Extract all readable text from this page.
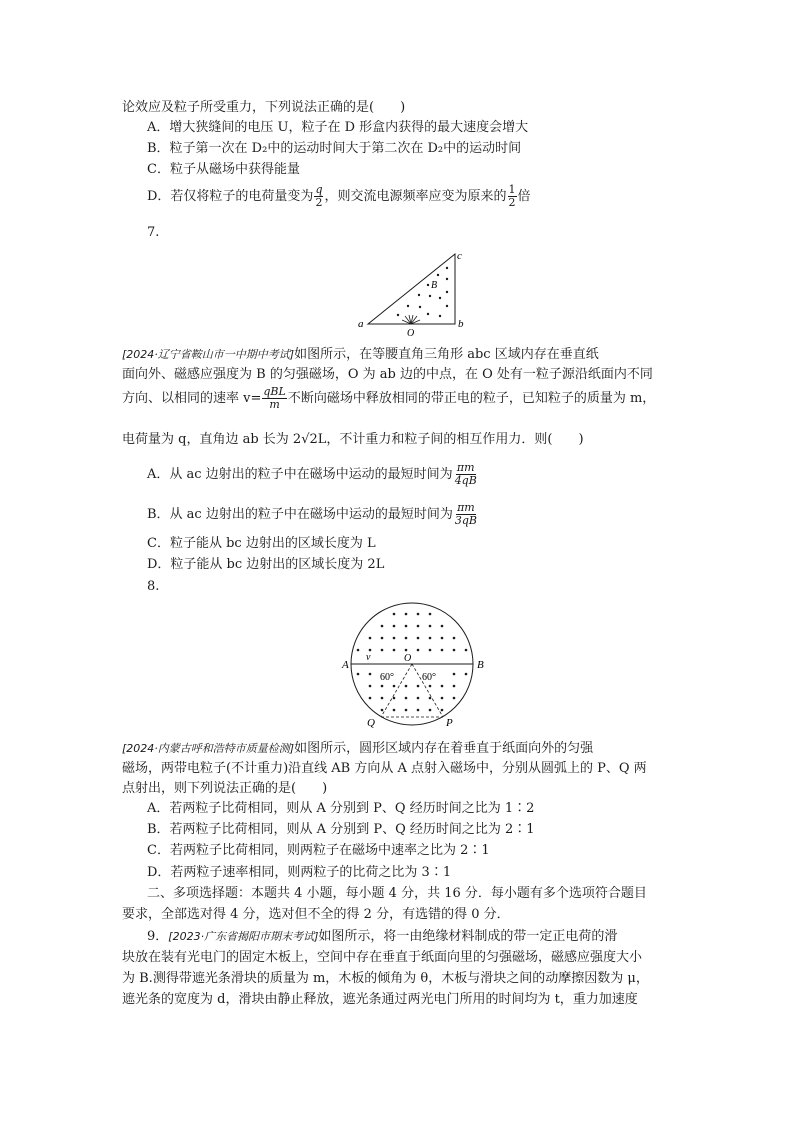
论效应及粒子所受重力，下列说法正确的是(　　)
A．增大狭缝间的电压 U，粒子在 D 形盒内获得的最大速度会增大
B．粒子第一次在 D₂中的运动时间大于第二次在 D₂中的运动时间
C．粒子从磁场中获得能量
D．若仅将粒子的电荷量变为 $\frac{q}{2}$ ，则交流电源频率应变为原来的 $\frac{1}{2}$ 倍
7.
a	b
c
B
O
[2024·辽宁省鞍山市一中期中考试]如图所示，在等腰直角三角形 abc 区域内存在垂直纸
面向外、磁感应强度为 B 的匀强磁场，O 为 ab 边的中点，在 O 处有一粒子源沿纸面内不同
方向、以相同的速率 $v= \frac{\text{qBL}}{m}$ 不断向磁场中释放相同的带正电的粒子，已知粒子的质量为 m，
电荷量为 q，直角边 ab 长为 2√2L，不计重力和粒子间的相互作用力．则(　　)
A．从 ac 边射出的粒子中在磁场中运动的最短时间为 $\frac{\pi m}{4qB}$
B．从 ac 边射出的粒子中在磁场中运动的最短时间为 $\frac{\pi m}{3qB}$
C．粒子能从 bc 边射出的区域长度为 L
D．粒子能从 bc 边射出的区域长度为 2L
8.
A	B
O
v
60°	60°
Q	P
[2024·内蒙古呼和浩特市质量检测]如图所示，圆形区域内存在着垂直于纸面向外的匀强
磁场，两带电粒子(不计重力)沿直线 AB 方向从 A 点射入磁场中，分别从圆弧上的 P、Q 两
点射出，则下列说法正确的是(　　)
A．若两粒子比荷相同，则从 A 分别到 P、Q 经历时间之比为 1∶2
B．若两粒子比荷相同，则从 A 分别到 P、Q 经历时间之比为 2∶1
C．若两粒子比荷相同，则两粒子在磁场中速率之比为 2∶1
D．若两粒子速率相同，则两粒子的比荷之比为 3∶1
二、多项选择题：本题共 4 小题，每小题 4 分，共 16 分．每小题有多个选项符合题目
要求，全部选对得 4 分，选对但不全的得 2 分，有选错的得 0 分．
9．[2023·广东省揭阳市期末考试]如图所示，将一由绝缘材料制成的带一定正电荷的滑
块放在装有光电门的固定木板上，空间中存在垂直于纸面向里的匀强磁场，磁感应强度大小
为 B.测得带遮光条滑块的质量为 m，木板的倾角为 θ，木板与滑块之间的动摩擦因数为 μ，
遮光条的宽度为 d，滑块由静止释放，遮光条通过两光电门所用的时间均为 t，重力加速度
